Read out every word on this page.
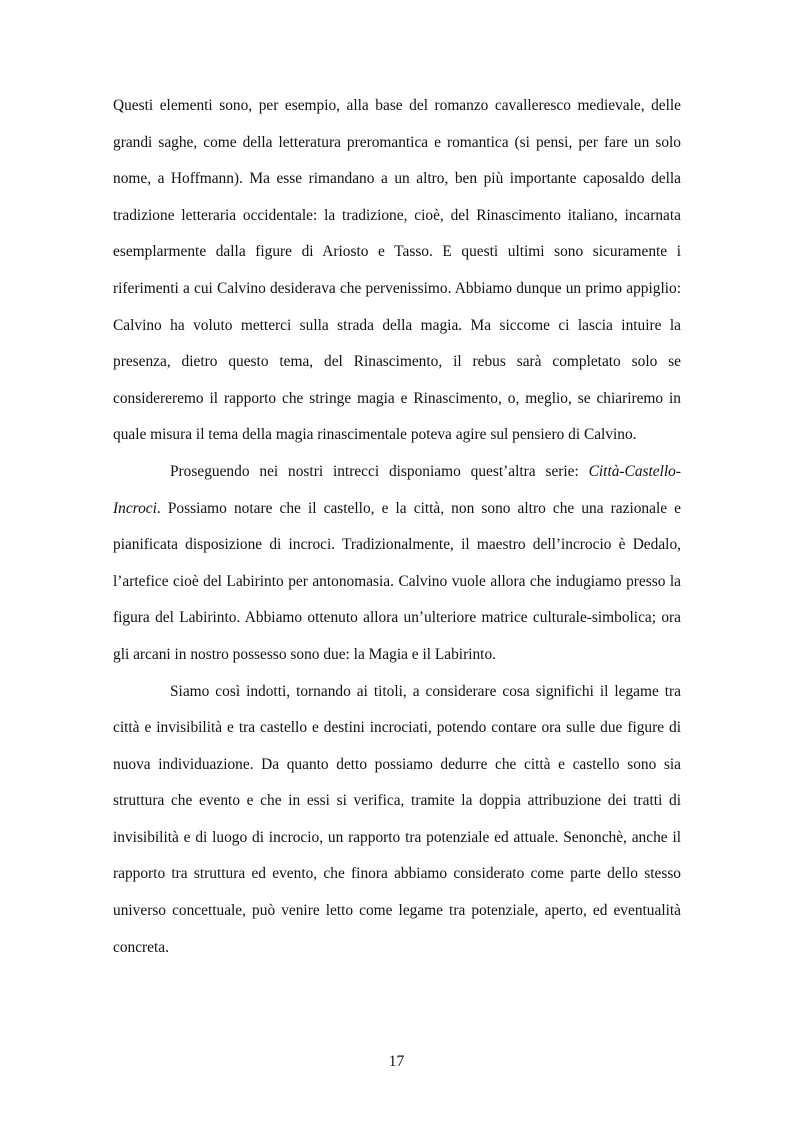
Questi elementi sono, per esempio, alla base del romanzo cavalleresco medievale, delle grandi saghe, come della letteratura preromantica e romantica (si pensi, per fare un solo nome, a Hoffmann). Ma esse rimandano a un altro, ben più importante caposaldo della tradizione letteraria occidentale: la tradizione, cioè, del Rinascimento italiano, incarnata esemplarmente dalla figure di Ariosto e Tasso. E questi ultimi sono sicuramente i riferimenti a cui Calvino desiderava che pervenissimo. Abbiamo dunque un primo appiglio: Calvino ha voluto metterci sulla strada della magia. Ma siccome ci lascia intuire la presenza, dietro questo tema, del Rinascimento, il rebus sarà completato solo se considereremo il rapporto che stringe magia e Rinascimento, o, meglio, se chiariremo in quale misura il tema della magia rinascimentale poteva agire sul pensiero di Calvino.

Proseguendo nei nostri intrecci disponiamo quest’altra serie: Città-Castello-Incroci. Possiamo notare che il castello, e la città, non sono altro che una razionale e pianificata disposizione di incroci. Tradizionalmente, il maestro dell’incrocio è Dedalo, l’artefice cioè del Labirinto per antonomasia. Calvino vuole allora che indugiamo presso la figura del Labirinto. Abbiamo ottenuto allora un’ulteriore matrice culturale-simbolica; ora gli arcani in nostro possesso sono due: la Magia e il Labirinto.

Siamo così indotti, tornando ai titoli, a considerare cosa significhi il legame tra città e invisibilità e tra castello e destini incrociati, potendo contare ora sulle due figure di nuova individuazione. Da quanto detto possiamo dedurre che città e castello sono sia struttura che evento e che in essi si verifica, tramite la doppia attribuzione dei tratti di invisibilità e di luogo di incrocio, un rapporto tra potenziale ed attuale. Senonchè, anche il rapporto tra struttura ed evento, che finora abbiamo considerato come parte dello stesso universo concettuale, può venire letto come legame tra potenziale, aperto, ed eventualità concreta.

17
